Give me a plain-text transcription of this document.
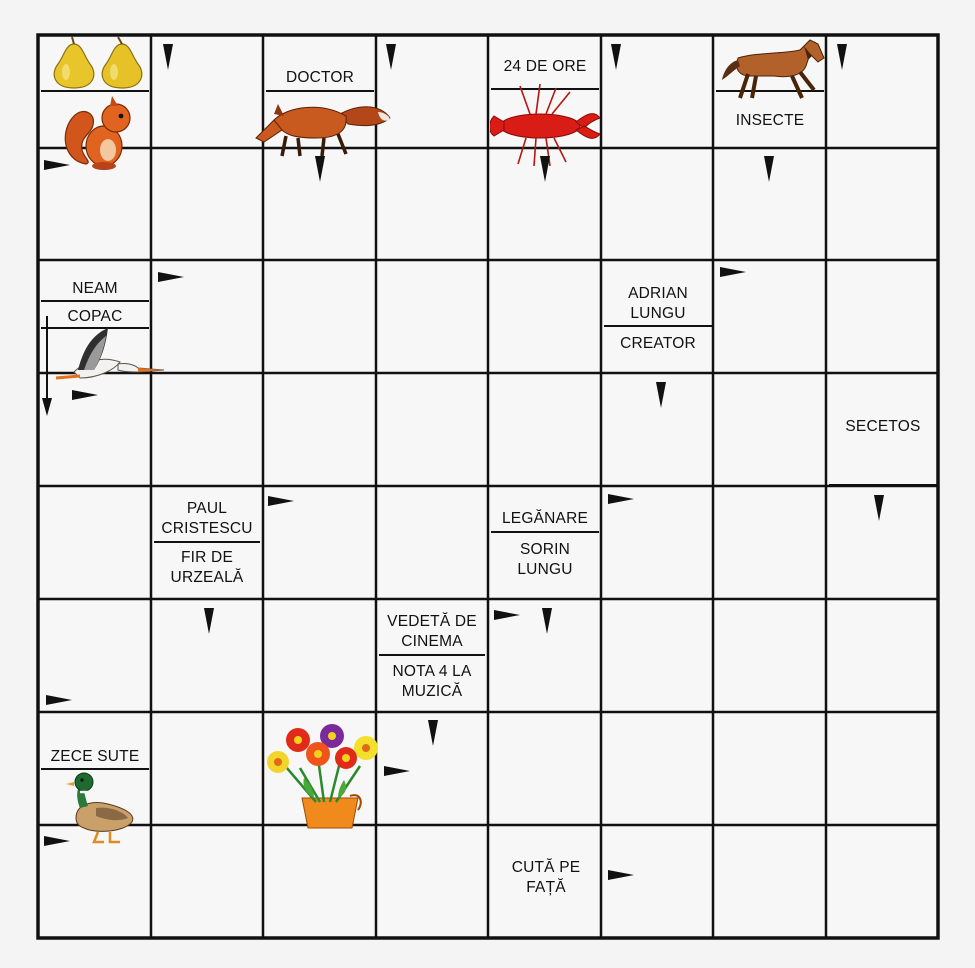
DOCTOR
24 DE ORE
INSECTE
NEAM
COPAC
ADRIAN LUNGU
CREATOR
SECETOS
PAUL CRISTESCU
FIR DE URZEALĂ
LEGĂNARE
SORIN LUNGU
VEDETĂ DE CINEMA
NOTA 4 LA MUZICĂ
ZECE SUTE
CUTĂ PE FAȚĂ
